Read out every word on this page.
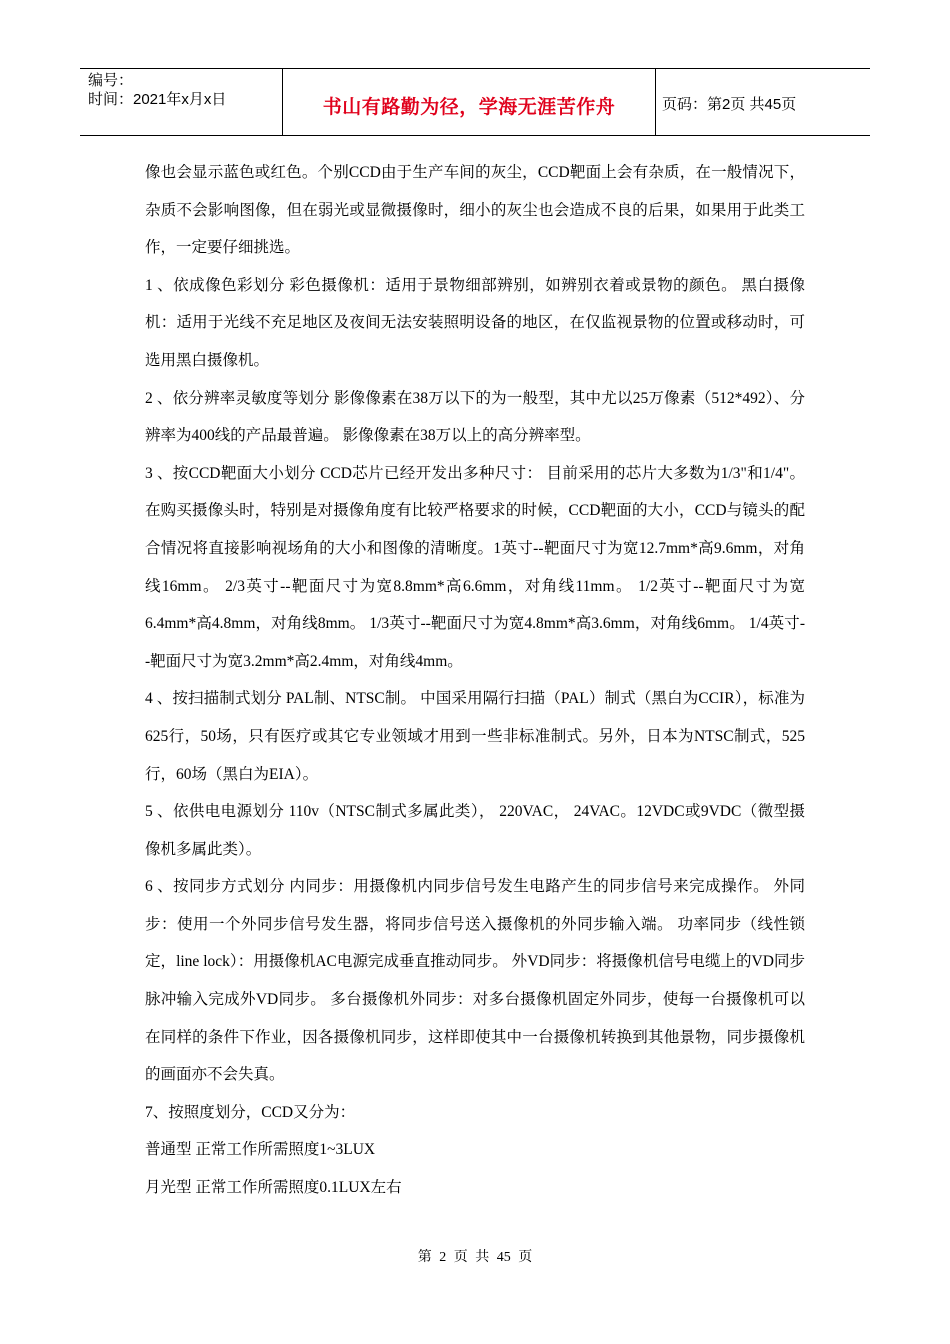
编号：
时间：2021年x月x日	书山有路勤为径，学海无涯苦作舟	页码：第2页 共45页

像也会显示蓝色或红色。个别CCD由于生产车间的灰尘，CCD靶面上会有杂质，在一般情况下，杂质不会影响图像，但在弱光或显微摄像时，细小的灰尘也会造成不良的后果，如果用于此类工作，一定要仔细挑选。

1 、依成像色彩划分 彩色摄像机：适用于景物细部辨别，如辨别衣着或景物的颜色。 黑白摄像机：适用于光线不充足地区及夜间无法安装照明设备的地区，在仅监视景物的位置或移动时，可选用黑白摄像机。

2 、依分辨率灵敏度等划分 影像像素在38万以下的为一般型，其中尤以25万像素（512*492）、分辨率为400线的产品最普遍。 影像像素在38万以上的高分辨率型。

3 、按CCD靶面大小划分 CCD芯片已经开发出多种尺寸： 目前采用的芯片大多数为1/3"和1/4"。在购买摄像头时，特别是对摄像角度有比较严格要求的时候，CCD靶面的大小，CCD与镜头的配合情况将直接影响视场角的大小和图像的清晰度。1英寸--靶面尺寸为宽12.7mm*高9.6mm，对角线16mm。 2/3英寸--靶面尺寸为宽8.8mm*高6.6mm，对角线11mm。 1/2英寸--靶面尺寸为宽6.4mm*高4.8mm，对角线8mm。 1/3英寸--靶面尺寸为宽4.8mm*高3.6mm，对角线6mm。 1/4英寸--靶面尺寸为宽3.2mm*高2.4mm，对角线4mm。

4 、按扫描制式划分 PAL制、NTSC制。 中国采用隔行扫描（PAL）制式（黑白为CCIR），标准为625行，50场，只有医疗或其它专业领域才用到一些非标准制式。另外，日本为NTSC制式，525行，60场（黑白为EIA）。

5 、依供电电源划分 110v（NTSC制式多属此类）， 220VAC， 24VAC。12VDC或9VDC（微型摄像机多属此类）。

6 、按同步方式划分 内同步：用摄像机内同步信号发生电路产生的同步信号来完成操作。 外同步：使用一个外同步信号发生器，将同步信号送入摄像机的外同步输入端。 功率同步（线性锁定，line lock）：用摄像机AC电源完成垂直推动同步。 外VD同步：将摄像机信号电缆上的VD同步脉冲输入完成外VD同步。 多台摄像机外同步：对多台摄像机固定外同步，使每一台摄像机可以在同样的条件下作业，因各摄像机同步，这样即使其中一台摄像机转换到其他景物，同步摄像机的画面亦不会失真。

7、按照度划分，CCD又分为：

普通型 正常工作所需照度1~3LUX

月光型 正常工作所需照度0.1LUX左右

第 2 页 共 45 页
